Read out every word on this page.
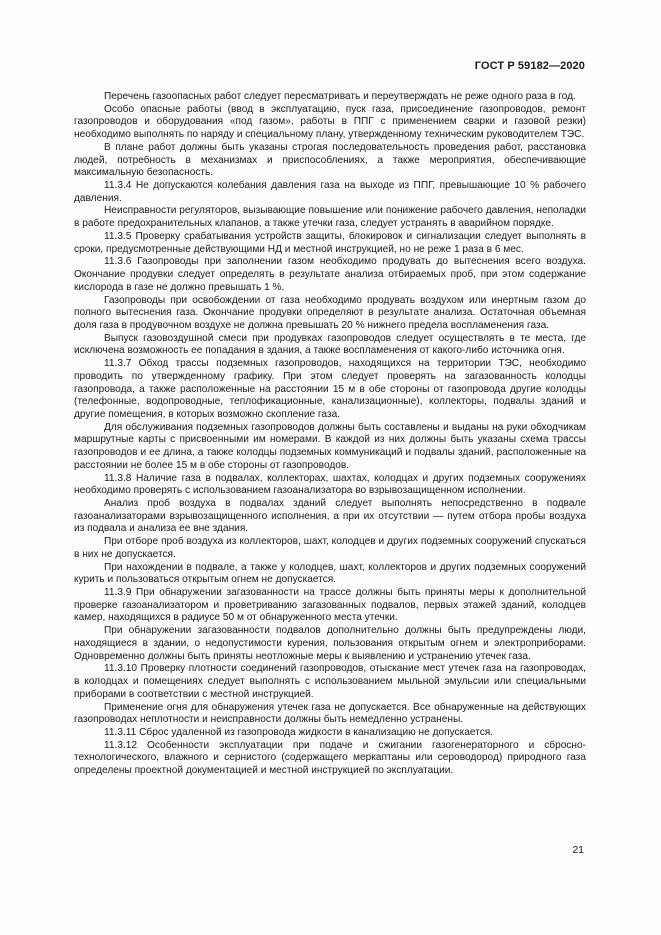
ГОСТ Р 59182—2020

Перечень газоопасных работ следует пересматривать и переутверждать не реже одного раза в год.

Особо опасные работы (ввод в эксплуатацию, пуск газа, присоединение газопроводов, ремонт газопроводов и оборудования «под газом», работы в ППГ с применением сварки и газовой резки) необходимо выполнять по наряду и специальному плану, утвержденному техническим руководителем ТЭС.

В плане работ должны быть указаны строгая последовательность проведения работ, расстановка людей, потребность в механизмах и приспособлениях, а также мероприятия, обеспечивающие максимальную безопасность.

11.3.4 Не допускаются колебания давления газа на выходе из ППГ, превышающие 10 % рабочего давления.

Неисправности регуляторов, вызывающие повышение или понижение рабочего давления, неполадки в работе предохранительных клапанов, а также утечки газа, следует устранять в аварийном порядке.

11.3.5 Проверку срабатывания устройств защиты, блокировок и сигнализации следует выполнять в сроки, предусмотренные действующими НД и местной инструкцией, но не реже 1 раза в 6 мес.

11.3.6 Газопроводы при заполнении газом необходимо продувать до вытеснения всего воздуха. Окончание продувки следует определять в результате анализа отбираемых проб, при этом содержание кислорода в газе не должно превышать 1 %.

Газопроводы при освобождении от газа необходимо продувать воздухом или инертным газом до полного вытеснения газа. Окончание продувки определяют в результате анализа. Остаточная объемная доля газа в продувочном воздухе не должна превышать 20 % нижнего предела воспламенения газа.

Выпуск газовоздушной смеси при продувках газопроводов следует осуществлять в те места, где исключена возможность ее попадания в здания, а также воспламенения от какого-либо источника огня.

11.3.7 Обход трассы подземных газопроводов, находящихся на территории ТЭС, необходимо проводить по утвержденному графику. При этом следует проверять на загазованность колодцы газопровода, а также расположенные на расстоянии 15 м в обе стороны от газопровода другие колодцы (телефонные, водопроводные, теплофикационные, канализационные), коллекторы, подвалы зданий и другие помещения, в которых возможно скопление газа.

Для обслуживания подземных газопроводов должны быть составлены и выданы на руки обходчикам маршрутные карты с присвоенными им номерами. В каждой из них должны быть указаны схема трассы газопроводов и ее длина, а также колодцы подземных коммуникаций и подвалы зданий, расположенные на расстоянии не более 15 м в обе стороны от газопроводов.

11.3.8 Наличие газа в подвалах, коллекторах, шахтах, колодцах и других подземных сооружениях необходимо проверять с использованием газоанализатора во взрывозащищенном исполнении.

Анализ проб воздуха в подвалах зданий следует выполнять непосредственно в подвале газоанализаторами взрывозащищенного исполнения, а при их отсутствии — путем отбора пробы воздуха из подвала и анализа ее вне здания.

При отборе проб воздуха из коллекторов, шахт, колодцев и других подземных сооружений спускаться в них не допускается.

При нахождении в подвале, а также у колодцев, шахт, коллекторов и других подземных сооружений курить и пользоваться открытым огнем не допускается.

11.3.9 При обнаружении загазованности на трассе должны быть приняты меры к дополнительной проверке газоанализатором и проветриванию загазованных подвалов, первых этажей зданий, колодцев камер, находящихся в радиусе 50 м от обнаруженного места утечки.

При обнаружении загазованности подвалов дополнительно должны быть предупреждены люди, находящиеся в здании, о недопустимости курения, пользования открытым огнем и электроприборами. Одновременно должны быть приняты неотложные меры к выявлению и устранению утечек газа.

11.3.10 Проверку плотности соединений газопроводов, отыскание мест утечек газа на газопроводах, в колодцах и помещениях следует выполнять с использованием мыльной эмульсии или специальными приборами в соответствии с местной инструкцией.

Применение огня для обнаружения утечек газа не допускается. Все обнаруженные на действующих газопроводах неплотности и неисправности должны быть немедленно устранены.

11.3.11 Сброс удаленной из газопровода жидкости в канализацию не допускается.

11.3.12 Особенности эксплуатации при подаче и сжигании газогенераторного и сбросно-технологического, влажного и сернистого (содержащего меркаптаны или сероводород) природного газа определены проектной документацией и местной инструкцией по эксплуатации.

21
